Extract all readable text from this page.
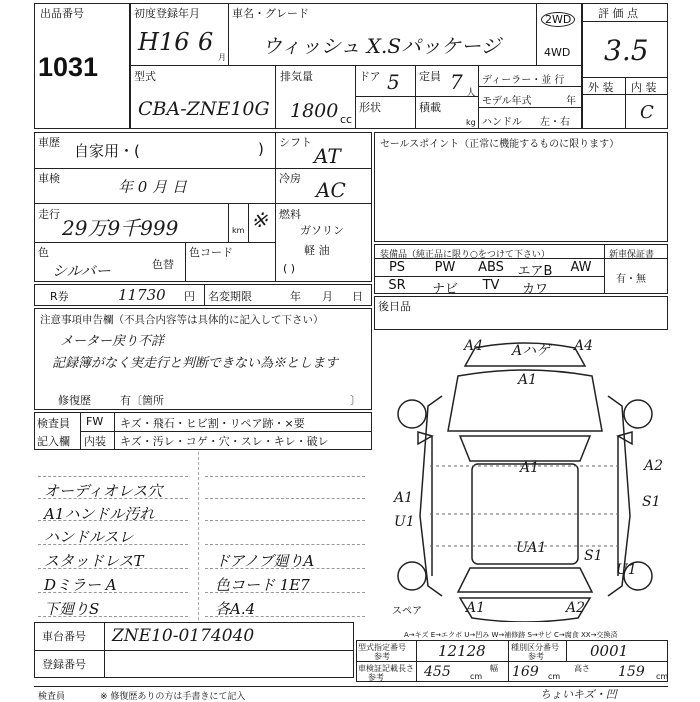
出品番号
1031
初度登録年月
H16 6
月
車名・グレード
ウィッシュ X.Sパッケージ
2WD
4WD
評 価 点
3.5
外 装 内 装
C
型式
CBA-ZNE10G
排気量
1800 cc
ドア 5 定員 7 人
形状	積載
kg
ディーラー・並 行
モデル年式	年
ハンドル 左・右
車歴 自家用・(	)
車検	年 0 月 日
走行
29万9千999	km ※
色
シルバー	色替
色コード
シフト
AT
冷房 AC
燃料
ガソリン
軽 油
( )
セールスポイント（正常に機能するものに限ります）
装備品（純正品に限り○をつけて下さい）	新車保証書
有・無
PS	PW	ABS	エアB	AW
SR	ナビ	TV	カワ
R券	11730 円 名変期限	年 月 日
後日品
注意事項申告欄（不具合内容等は具体的に記入して下さい）
メーター戻り不詳
記録簿がなく実走行と判断できない為※とします
修復歴	有〔箇所	〕
検査員
記入欄
FW キズ・飛石・ヒビ割・リペア跡・×要
内装 キズ・汚レ・コゲ・穴・スレ・キレ・破レ
オーディオレス穴
A1ハンドル汚れ
ハンドルスレ
スタッドレスT
Dミラー A
下廻りS
ドアノブ廻りA
色コード 1E7
各A.4
A4 Aハゲ A4
A1
A2
A1
U1
S1
UA1	S1
U1
A1	A2
A1
スペア
A→キズ E→エクボ U→凹み W→補修跡 S→サビ C→腐食 XX→交換済
車台番号 ZNE10-0174040
登録番号
型式指定番号
参考	12128	種別区分番号
参考	0001
車検証記載
参考
長さ 455 cm
幅 169 cm
高さ 159 cm
検査員	※ 修復歴ありの方は手書きにて記入	ちょいキズ・凹
